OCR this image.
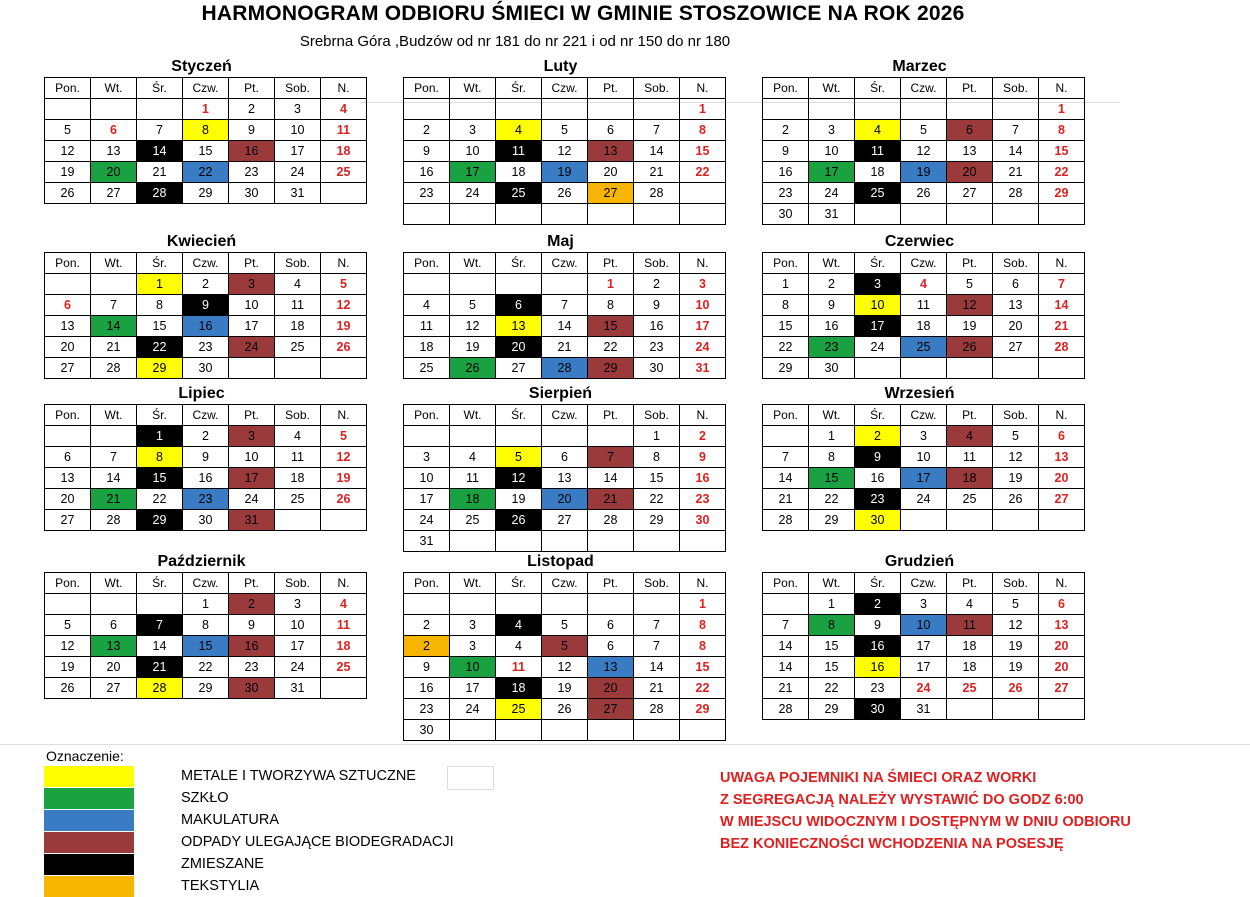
HARMONOGRAM ODBIORU ŚMIECI W GMINIE STOSZOWICE NA ROK 2026
Srebrna Góra ,Budzów od nr 181 do nr 221 i od nr 150 do nr 180
Styczeń
Pon.	Wt.	Śr.	Czw.	Pt.	Sob.	N.
			1	2	3	4
5	6	7	8	9	10	11
12	13	14	15	16	17	18
19	20	21	22	23	24	25
26	27	28	29	30	31	
Luty
Pon.	Wt.	Śr.	Czw.	Pt.	Sob.	N.
						1
2	3	4	5	6	7	8
9	10	11	12	13	14	15
16	17	18	19	20	21	22
23	24	25	26	27	28	

Marzec
Pon.	Wt.	Śr.	Czw.	Pt.	Sob.	N.
						1
2	3	4	5	6	7	8
9	10	11	12	13	14	15
16	17	18	19	20	21	22
23	24	25	26	27	28	29
30	31					
Kwiecień
Pon.	Wt.	Śr.	Czw.	Pt.	Sob.	N.
		1	2	3	4	5
6	7	8	9	10	11	12
13	14	15	16	17	18	19
20	21	22	23	24	25	26
27	28	29	30			
Maj
Pon.	Wt.	Śr.	Czw.	Pt.	Sob.	N.
				1	2	3
4	5	6	7	8	9	10
11	12	13	14	15	16	17
18	19	20	21	22	23	24
25	26	27	28	29	30	31
Czerwiec
Pon.	Wt.	Śr.	Czw.	Pt.	Sob.	N.
1	2	3	4	5	6	7
8	9	10	11	12	13	14
15	16	17	18	19	20	21
22	23	24	25	26	27	28
29	30					
Lipiec
Pon.	Wt.	Śr.	Czw.	Pt.	Sob.	N.
		1	2	3	4	5
6	7	8	9	10	11	12
13	14	15	16	17	18	19
20	21	22	23	24	25	26
27	28	29	30	31		
Sierpień
Pon.	Wt.	Śr.	Czw.	Pt.	Sob.	N.
					1	2
3	4	5	6	7	8	9
10	11	12	13	14	15	16
17	18	19	20	21	22	23
24	25	26	27	28	29	30
31						
Wrzesień
Pon.	Wt.	Śr.	Czw.	Pt.	Sob.	N.
	1	2	3	4	5	6
7	8	9	10	11	12	13
14	15	16	17	18	19	20
21	22	23	24	25	26	27
28	29	30				
Październik
Pon.	Wt.	Śr.	Czw.	Pt.	Sob.	N.
			1	2	3	4
5	6	7	8	9	10	11
12	13	14	15	16	17	18
19	20	21	22	23	24	25
26	27	28	29	30	31	
Listopad
Pon.	Wt.	Śr.	Czw.	Pt.	Sob.	N.
						1
2	3	4	5	6	7	8
2	3	4	5	6	7	8
9	10	11	12	13	14	15
16	17	18	19	20	21	22
23	24	25	26	27	28	29
30						
Grudzień
Pon.	Wt.	Śr.	Czw.	Pt.	Sob.	N.
	1	2	3	4	5	6
7	8	9	10	11	12	13
14	15	16	17	18	19	20
14	15	16	17	18	19	20
21	22	23	24	25	26	27
28	29	30	31			
Oznaczenie:
METALE I TWORZYWA SZTUCZNE
SZKŁO
MAKULATURA
ODPADY ULEGAJĄCE BIODEGRADACJI
ZMIESZANE
TEKSTYLIA
UWAGA POJEMNIKI NA ŚMIECI ORAZ WORKI
Z SEGREGACJĄ NALEŻY WYSTAWIĆ DO GODZ 6:00
W MIEJSCU WIDOCZNYM I DOSTĘPNYM W DNIU ODBIORU
BEZ KONIECZNOŚCI WCHODZENIA NA POSESJĘ
